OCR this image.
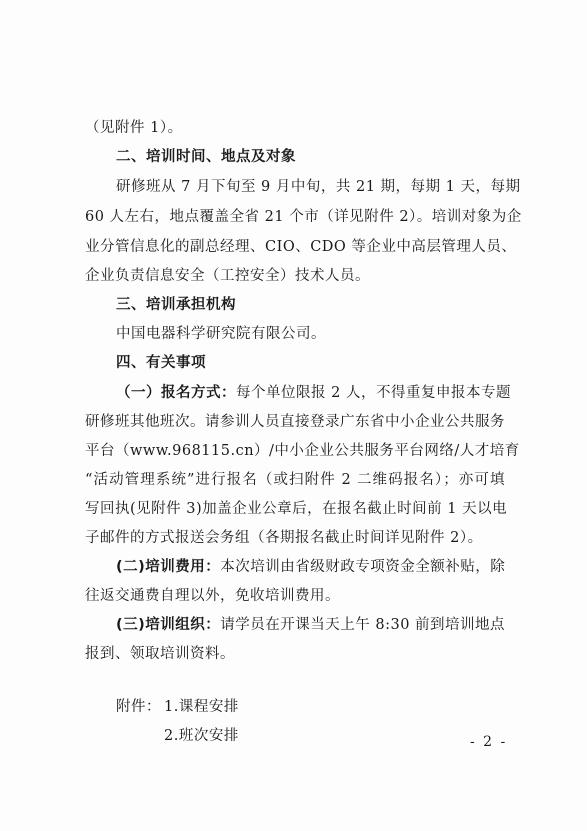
（见附件 1）。
二、培训时间、地点及对象
研修班从 7 月下旬至 9 月中旬，共 21 期，每期 1 天，每期
60 人左右，地点覆盖全省 21 个市（详见附件 2）。培训对象为企
业分管信息化的副总经理、CIO、CDO 等企业中高层管理人员、
企业负责信息安全（工控安全）技术人员。
三、培训承担机构
中国电器科学研究院有限公司。
四、有关事项
（一）报名方式：每个单位限报 2 人，不得重复申报本专题
研修班其他班次。请参训人员直接登录广东省中小企业公共服务
平台（www.968115.cn）/中小企业公共服务平台网络/人才培育
“活动管理系统”进行报名（或扫附件 2 二维码报名）；亦可填
写回执(见附件 3)加盖企业公章后，在报名截止时间前 1 天以电
子邮件的方式报送会务组（各期报名截止时间详见附件 2）。
(二)培训费用：本次培训由省级财政专项资金全额补贴，除
往返交通费自理以外，免收培训费用。
(三)培训组织：请学员在开课当天上午 8:30 前到培训地点
报到、领取培训资料。
附件： 1.课程安排
2.班次安排	- 2 -
